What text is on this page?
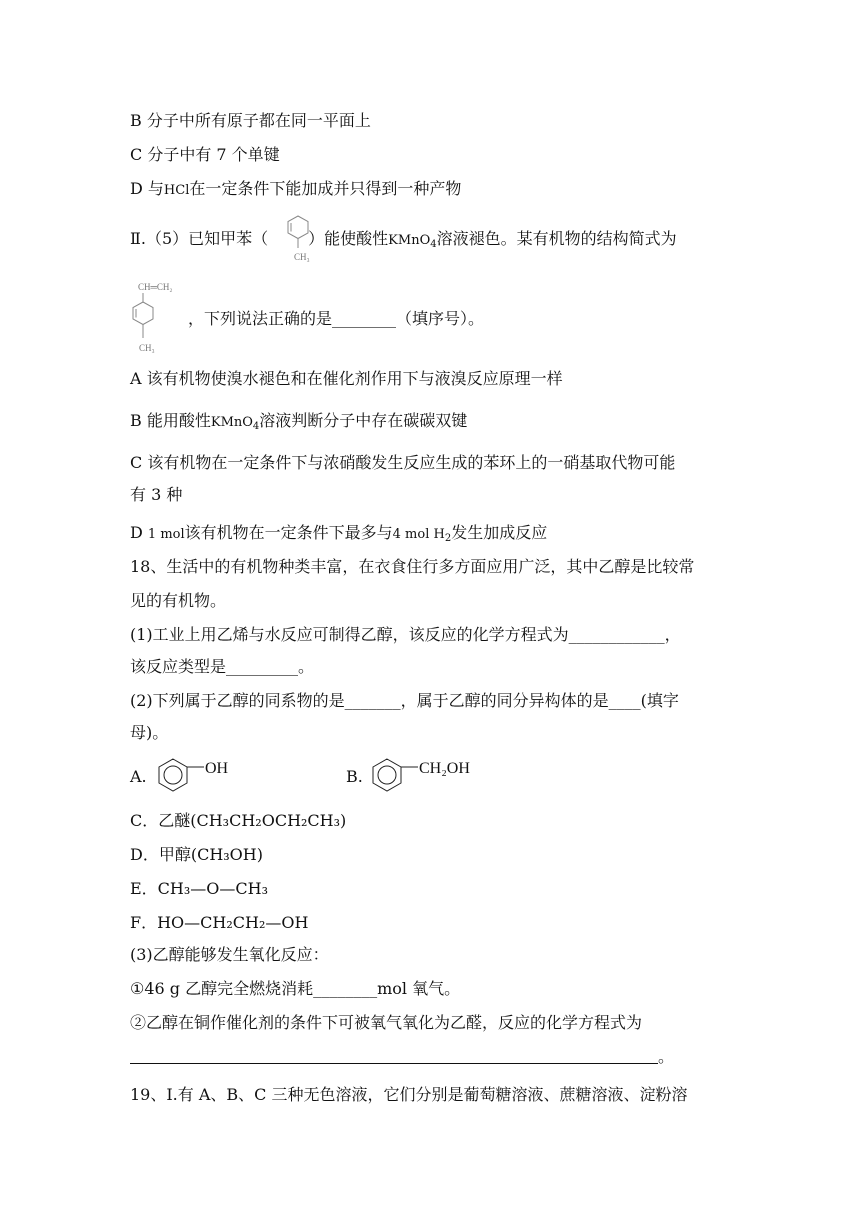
B 分子中所有原子都在同一平面上
C 分子中有 7 个单键
D 与HCl在一定条件下能加成并只得到一种产物
Ⅱ.（5）已知甲苯（	）能使酸性KMnO$_4$溶液褪色。某有机物的结构简式为
CH₃
CH═CH₂
CH₃
，下列说法正确的是________（填序号）。
A 该有机物使溴水褪色和在催化剂作用下与液溴反应原理一样
B 能用酸性KMnO$_4$溶液判断分子中存在碳碳双键
C 该有机物在一定条件下与浓硝酸发生反应生成的苯环上的一硝基取代物可能
有 3 种
D 1 mol该有机物在一定条件下最多与4 mol $H_2$发生加成反应
18、生活中的有机物种类丰富，在衣食住行多方面应用广泛，其中乙醇是比较常
见的有机物。
(1)工业上用乙烯与水反应可制得乙醇，该反应的化学方程式为____________，
该反应类型是_________。
(2)下列属于乙醇的同系物的是_______，属于乙醇的同分异构体的是____(填字
母)。
A.	OH	B.	CH₂OH
C．乙醚(CH₃CH₂OCH₂CH₃)
D．甲醇(CH₃OH)
E．CH₃—O—CH₃
F．HO—CH₂CH₂—OH
(3)乙醇能够发生氧化反应：
①46 g 乙醇完全燃烧消耗________mol 氧气。
②乙醇在铜作催化剂的条件下可被氧气氧化为乙醛，反应的化学方程式为
。
19、Ⅰ.有 A、B、C 三种无色溶液，它们分别是葡萄糖溶液、蔗糖溶液、淀粉溶
